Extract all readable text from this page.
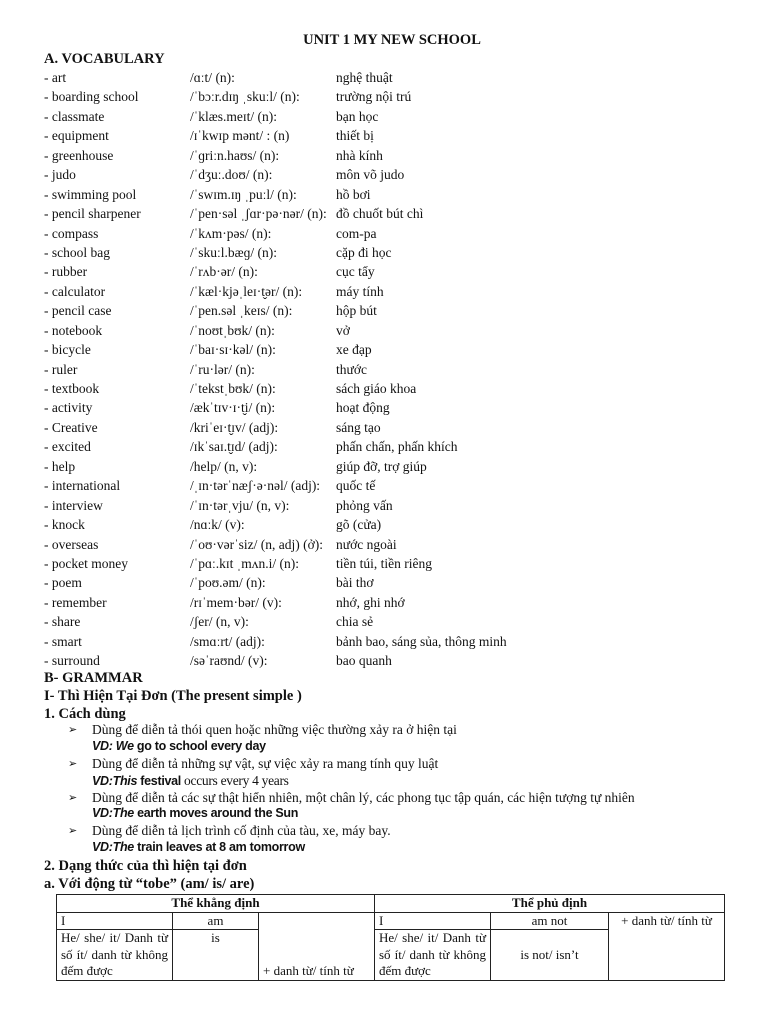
UNIT 1 MY NEW SCHOOL
A. VOCABULARY
- art	/ɑːt/ (n):	nghệ thuật
- boarding school	/ˈbɔːr.dɪŋ ˌskuːl/ (n):	trường nội trú
- classmate	/ˈklæs.meɪt/ (n):	bạn học
- equipment	/ɪˈkwɪp mənt/ : (n)	thiết bị
- greenhouse	/ˈɡriːn.haʊs/ (n):	nhà kính
- judo	/ˈdʒuː.doʊ/ (n):	môn võ judo
- swimming pool	/ˈswɪm.ɪŋ ˌpuːl/ (n):	hồ bơi
- pencil sharpener	/ˈpen·səl ˌʃɑr·pə·nər/ (n): đồ chuốt bút chì
- compass	/ˈkʌm·pəs/ (n):	com-pa
- school bag	/ˈskuːl.bæɡ/ (n):	cặp đi học
- rubber	/ˈrʌb·ər/ (n):	cục tẩy
- calculator	/ˈkæl·kjəˌleɪ·t̬ər/ (n):	máy tính
- pencil case	/ˈpen.səl ˌkeɪs/ (n):	hộp bút
- notebook	/ˈnoʊtˌbʊk/ (n):	vở
- bicycle	/ˈbaɪ·sɪ·kəl/ (n):	xe đạp
- ruler	/ˈru·lər/ (n):	thước
- textbook	/ˈtekstˌbʊk/ (n):	sách giáo khoa
- activity	/ækˈtɪv·ɪ·t̬i/ (n):	hoạt động
- Creative	/kriˈeɪ·t̬ɪv/ (adj):	sáng tạo
- excited	/ɪkˈsaɪ.t̬ɪd/ (adj):	phấn chấn, phấn khích
- help	/help/ (n, v):	giúp đỡ, trợ giúp
- international	/ˌɪn·tərˈnæʃ·ə·nəl/ (adj): quốc tế
- interview	/ˈɪn·tərˌvju/ (n, v):	phỏng vấn
- knock	/nɑːk/ (v):	gõ (cửa)
- overseas	/ˈoʊ·vərˈsiz/ (n, adj) (ở): nước ngoài
- pocket money	/ˈpɑː.kɪt ˌmʌn.i/ (n):	tiền túi, tiền riêng
- poem	/ˈpoʊ.əm/ (n):	bài thơ
- remember	/rɪˈmem·bər/ (v):	nhớ, ghi nhớ
- share	/ʃer/ (n, v):	chia sẻ
- smart	/smɑːrt/ (adj):	bảnh bao, sáng sủa, thông minh
- surround	/səˈraʊnd/ (v):	bao quanh
B- GRAMMAR
I- Thì Hiện Tại Đơn (The present simple )
1. Cách dùng
➢ Dùng để diễn tả thói quen hoặc những việc thường xảy ra ở hiện tại
VD: We go to school every day
➢ Dùng để diễn tả những sự vật, sự việc xảy ra mang tính quy luật
VD:This festival occurs every 4 years
➢ Dùng để diễn tả các sự thật hiển nhiên, một chân lý, các phong tục tập quán, các hiện tượng tự nhiên
VD:The earth moves around the Sun
➢ Dùng để diễn tả lịch trình cố định của tàu, xe, máy bay.
VD:The train leaves at 8 am tomorrow
2. Dạng thức của thì hiện tại đơn
a. Với động từ “tobe” (am/ is/ are)
Thể khẳng định			Thể phủ định		
I	am	+ danh từ/ tính từ	I	am not	+ danh từ/ tính từ
He/ she/ it/ Danh từ số ít/ danh từ không đếm được	is		He/ she/ it/ Danh từ số ít/ danh từ không đếm được	is not/ isn’t	
